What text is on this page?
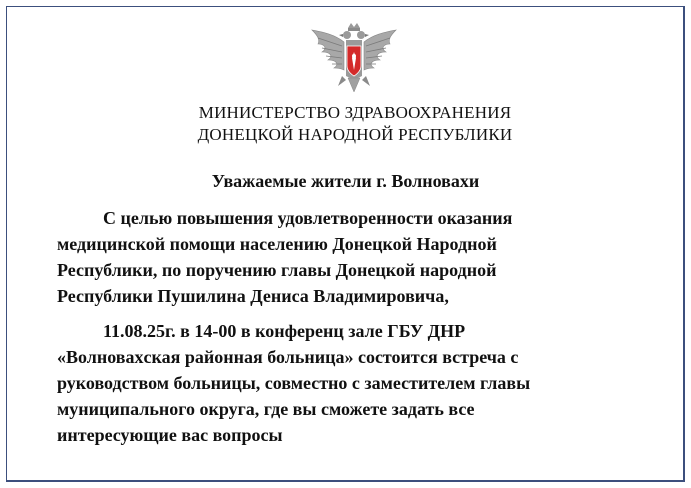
МИНИСТЕРСТВО ЗДРАВООХРАНЕНИЯ
ДОНЕЦКОЙ НАРОДНОЙ РЕСПУБЛИКИ
Уважаемые жители г. Волновахи
С целью повышения удовлетворенности оказания
медицинской помощи населению Донецкой Народной
Республики, по поручению главы Донецкой народной
Республики Пушилина Дениса Владимировича,
11.08.25г. в 14-00 в конференц зале ГБУ ДНР
«Волноваxская районная больница» состоится встреча с
руководством больницы, совместно с заместителем главы
муниципального округа, где вы сможете задать все
интересующие вас вопросы
